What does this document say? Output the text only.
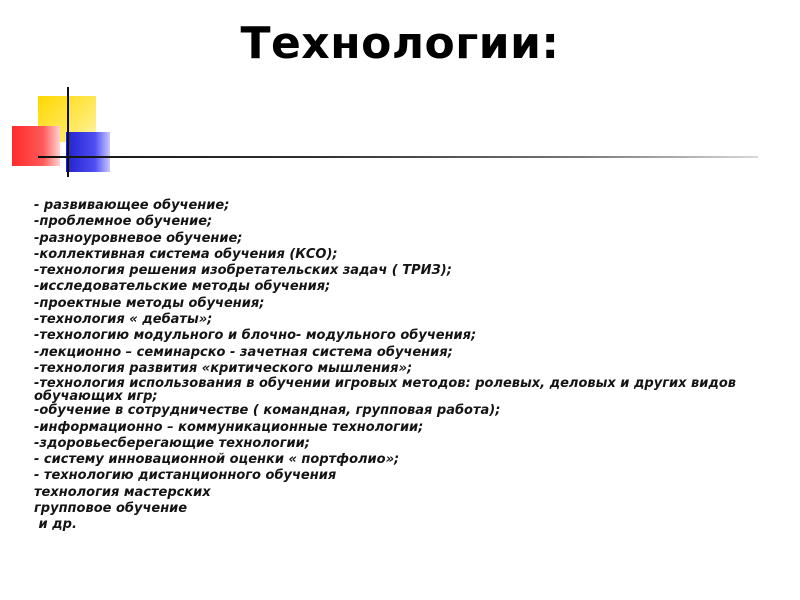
Технологии:
- развивающее обучение;
-проблемное обучение;
-разноуровневое обучение;
-коллективная система обучения (КСО);
-технология решения изобретательских задач ( ТРИЗ);
-исследовательские методы обучения;
-проектные методы обучения;
-технология « дебаты»;
-технологию модульного и блочно- модульного обучения;
-лекционно – семинарско - зачетная система обучения;
-технология развития «критического мышления»;
-технология использования в обучении игровых методов: ролевых, деловых и других видов обучающих игр;
-обучение в сотрудничестве ( командная, групповая работа);
-информационно – коммуникационные технологии;
-здоровьесберегающие технологии;
- систему инновационной оценки « портфолио»;
- технологию дистанционного обучения
технология мастерских
групповое обучение
и др.
